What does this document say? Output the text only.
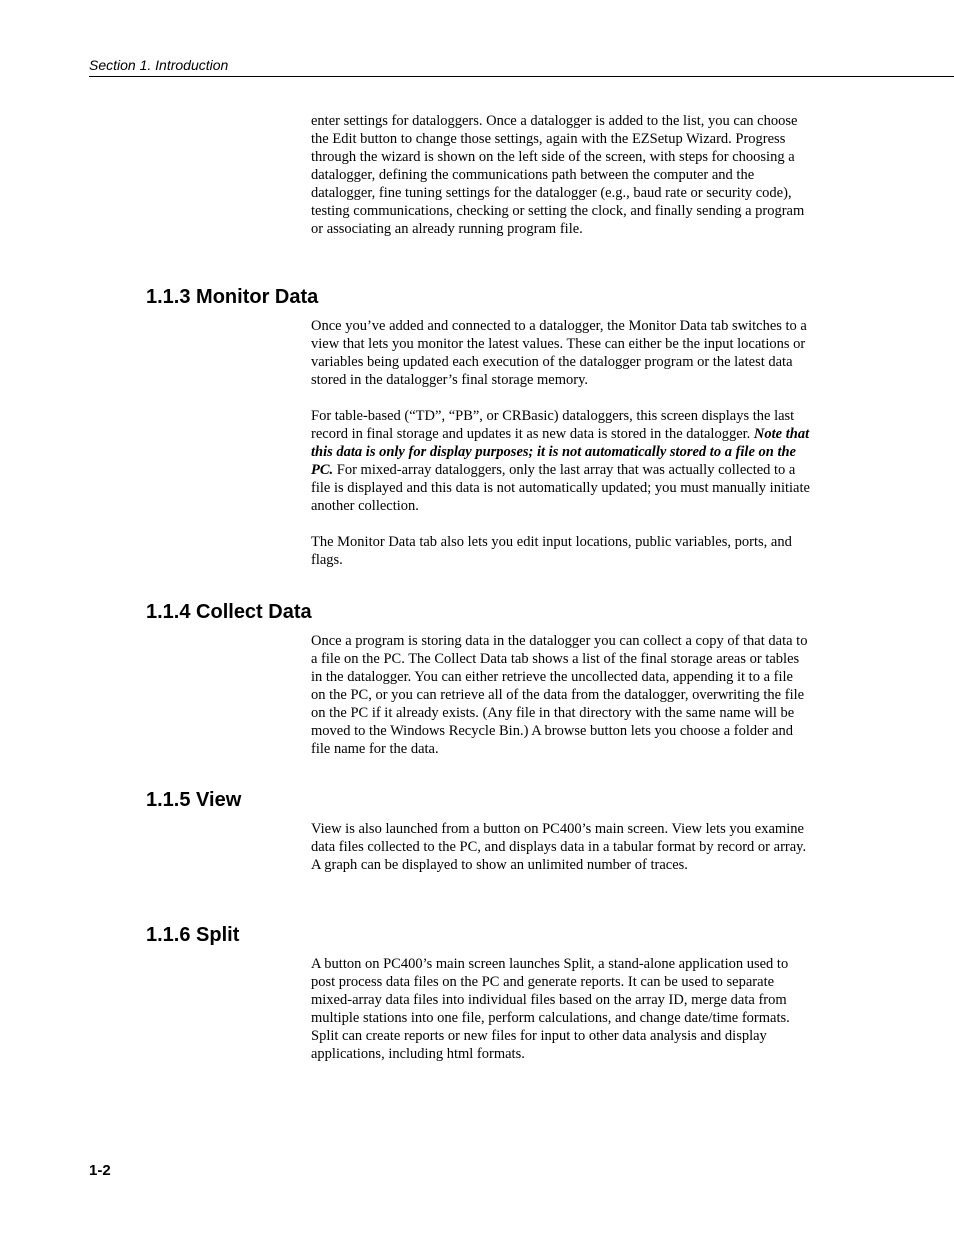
Section 1. Introduction

enter settings for dataloggers. Once a datalogger is added to the list, you can choose the Edit button to change those settings, again with the EZSetup Wizard. Progress through the wizard is shown on the left side of the screen, with steps for choosing a datalogger, defining the communications path between the computer and the datalogger, fine tuning settings for the datalogger (e.g., baud rate or security code), testing communications, checking or setting the clock, and finally sending a program or associating an already running program file.

1.1.3 Monitor Data

Once you’ve added and connected to a datalogger, the Monitor Data tab switches to a view that lets you monitor the latest values. These can either be the input locations or variables being updated each execution of the datalogger program or the latest data stored in the datalogger’s final storage memory.

For table-based (“TD”, “PB”, or CRBasic) dataloggers, this screen displays the last record in final storage and updates it as new data is stored in the datalogger. Note that this data is only for display purposes; it is not automatically stored to a file on the PC. For mixed-array dataloggers, only the last array that was actually collected to a file is displayed and this data is not automatically updated; you must manually initiate another collection.

The Monitor Data tab also lets you edit input locations, public variables, ports, and flags.

1.1.4 Collect Data

Once a program is storing data in the datalogger you can collect a copy of that data to a file on the PC. The Collect Data tab shows a list of the final storage areas or tables in the datalogger. You can either retrieve the uncollected data, appending it to a file on the PC, or you can retrieve all of the data from the datalogger, overwriting the file on the PC if it already exists. (Any file in that directory with the same name will be moved to the Windows Recycle Bin.) A browse button lets you choose a folder and file name for the data.

1.1.5 View

View is also launched from a button on PC400’s main screen. View lets you examine data files collected to the PC, and displays data in a tabular format by record or array. A graph can be displayed to show an unlimited number of traces.

1.1.6 Split

A button on PC400’s main screen launches Split, a stand-alone application used to post process data files on the PC and generate reports. It can be used to separate mixed-array data files into individual files based on the array ID, merge data from multiple stations into one file, perform calculations, and change date/time formats. Split can create reports or new files for input to other data analysis and display applications, including html formats.

1-2
